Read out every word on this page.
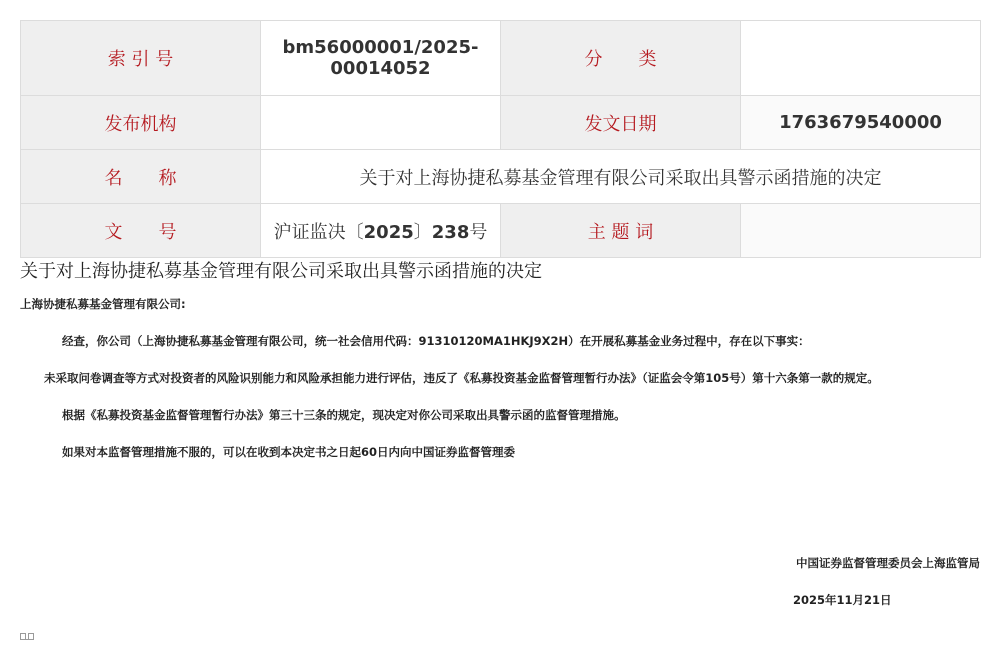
索 引 号	bm56000001/2025-00014052	分　　类	
发布机构		发文日期	1763679540000
名　　称	关于对上海协捷私募基金管理有限公司采取出具警示函措施的决定		
文　　号	沪证监决〔2025〕238号	主 题 词	
关于对上海协捷私募基金管理有限公司采取出具警示函措施的决定
上海协捷私募基金管理有限公司:
经查，你公司（上海协捷私募基金管理有限公司，统一社会信用代码：91310120MA1HKJ9X2H）在开展私募基金业务过程中，存在以下事实：
未采取问卷调查等方式对投资者的风险识别能力和风险承担能力进行评估，违反了《私募投资基金监督管理暂行办法》（证监会令第105号）第十六条第一款的规定。
根据《私募投资基金监督管理暂行办法》第三十三条的规定，现决定对你公司采取出具警示函的监督管理措施。
如果对本监督管理措施不服的，可以在收到本决定书之日起60日内向中国证券监督管理委
中国证券监督管理委员会上海监管局
2025年11月21日
